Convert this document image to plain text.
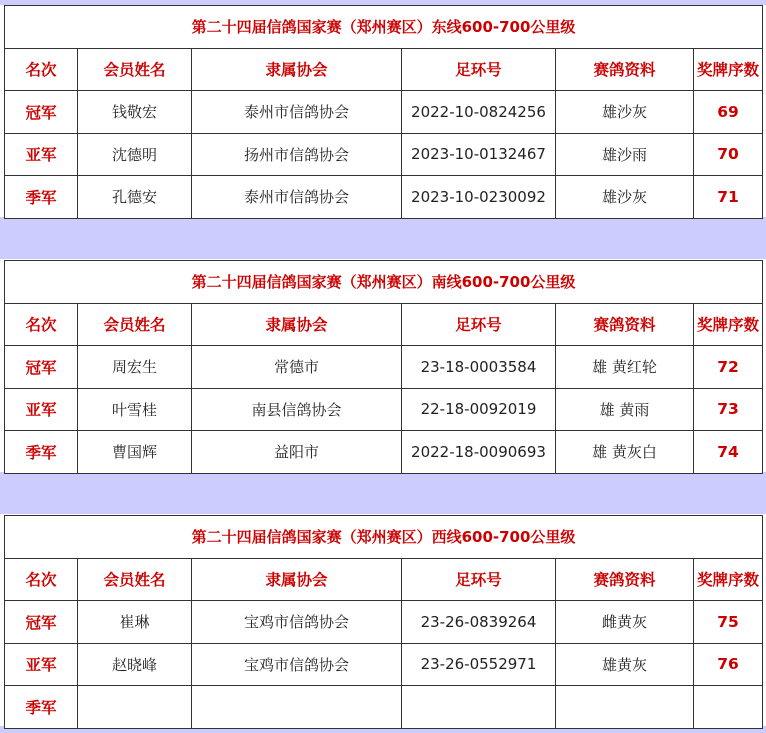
第二十四届信鸽国家赛（郑州赛区）东线600-700公里级					
名次	会员姓名	隶属协会	足环号	赛鸽资料	奖牌序数
冠军	钱敬宏	泰州市信鸽协会	2022-10-0824256	雄沙灰	69
亚军	沈德明	扬州市信鸽协会	2023-10-0132467	雄沙雨	70
季军	孔德安	泰州市信鸽协会	2023-10-0230092	雄沙灰	71
第二十四届信鸽国家赛（郑州赛区）南线600-700公里级					
名次	会员姓名	隶属协会	足环号	赛鸽资料	奖牌序数
冠军	周宏生	常德市	23-18-0003584	雄 黄红轮	72
亚军	叶雪桂	南县信鸽协会	22-18-0092019	雄 黄雨	73
季军	曹国辉	益阳市	2022-18-0090693	雄 黄灰白	74
第二十四届信鸽国家赛（郑州赛区）西线600-700公里级					
名次	会员姓名	隶属协会	足环号	赛鸽资料	奖牌序数
冠军	崔琳	宝鸡市信鸽协会	23-26-0839264	雌黄灰	75
亚军	赵晓峰	宝鸡市信鸽协会	23-26-0552971	雄黄灰	76
季军					
